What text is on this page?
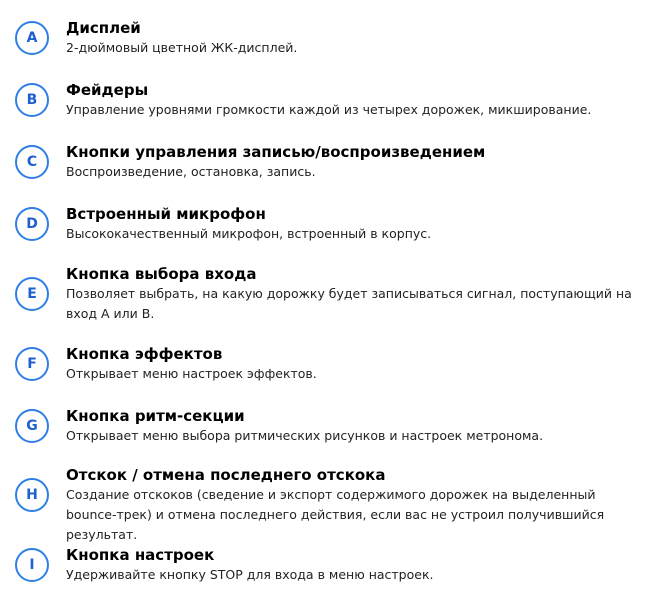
A
Дисплей
2-дюймовый цветной ЖК-дисплей.
B
Фейдеры
Управление уровнями громкости каждой из четырех дорожек, микширование.
C
Кнопки управления записью/воспроизведением
Воспроизведение, остановка, запись.
D
Встроенный микрофон
Высококачественный микрофон, встроенный в корпус.
E
Кнопка выбора входа
Позволяет выбрать, на какую дорожку будет записываться сигнал, поступающий на вход A или B.
F
Кнопка эффектов
Открывает меню настроек эффектов.
G
Кнопка ритм-секции
Открывает меню выбора ритмических рисунков и настроек метронома.
H
Отскок / отмена последнего отскока
Создание отскоков (сведение и экспорт содержимого дорожек на выделенный bounce-трек) и отмена последнего действия, если вас не устроил получившийся результат.
I
Кнопка настроек
Удерживайте кнопку STOP для входа в меню настроек.
